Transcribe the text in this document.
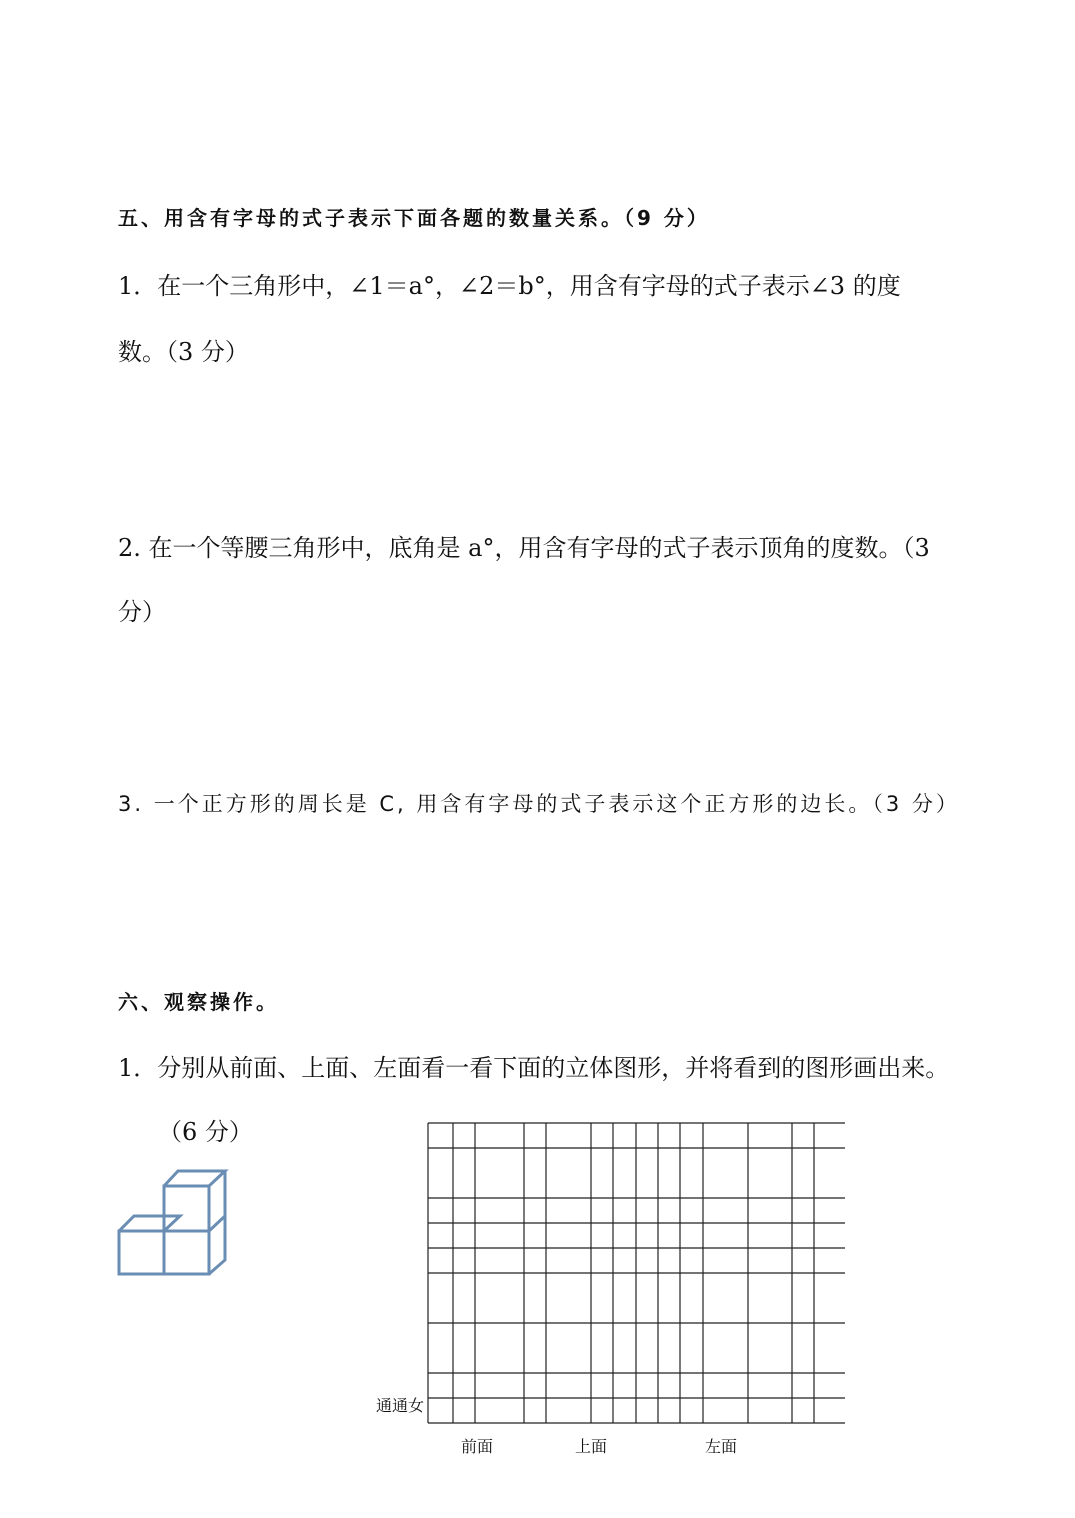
五、用含有字母的式子表示下面各题的数量关系。（9 分）
1．在一个三角形中，∠1＝a°，∠2＝b°，用含有字母的式子表示∠3 的度
数。（3 分）
2. 在一个等腰三角形中，底角是 a°，用含有字母的式子表示顶角的度数。（3
分）
3. 一个正方形的周长是 C, 用含有字母的式子表示这个正方形的边长。（3 分）
六、观察操作。
1．分别从前面、上面、左面看一看下面的立体图形，并将看到的图形画出来。
（6 分）
通通女
前面	上面	左面
